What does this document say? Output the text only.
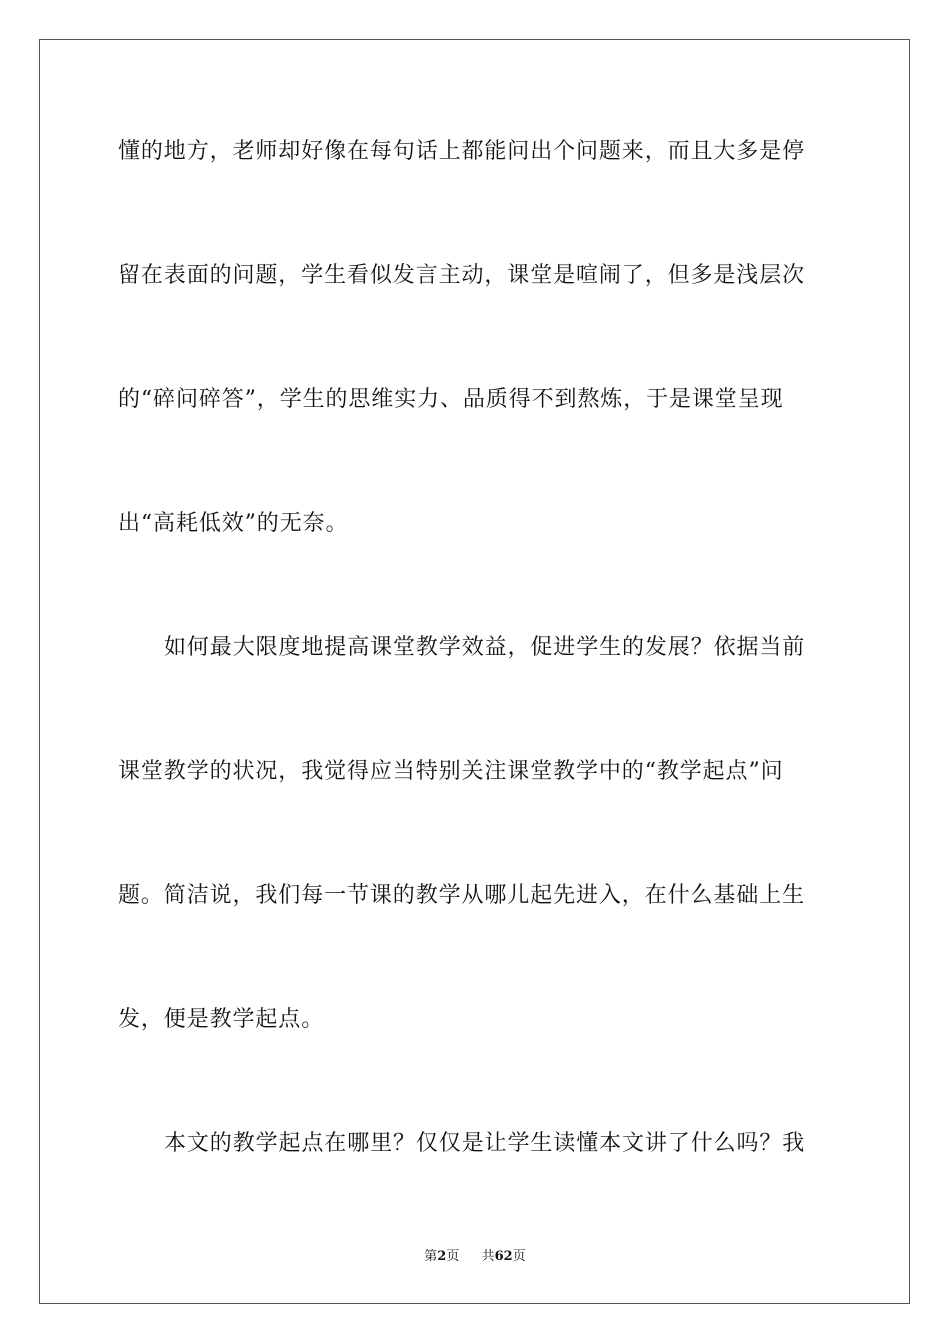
懂的地方，老师却好像在每句话上都能问出个问题来，而且大多是停
留在表面的问题，学生看似发言主动，课堂是喧闹了，但多是浅层次
的“碎问碎答”，学生的思维实力、品质得不到熬炼，于是课堂呈现
出“高耗低效”的无奈。
如何最大限度地提高课堂教学效益，促进学生的发展？依据当前
课堂教学的状况，我觉得应当特别关注课堂教学中的“教学起点”问
题。简洁说，我们每一节课的教学从哪儿起先进入，在什么基础上生
发，便是教学起点。
本文的教学起点在哪里？仅仅是让学生读懂本文讲了什么吗？我
第2页 共62页
